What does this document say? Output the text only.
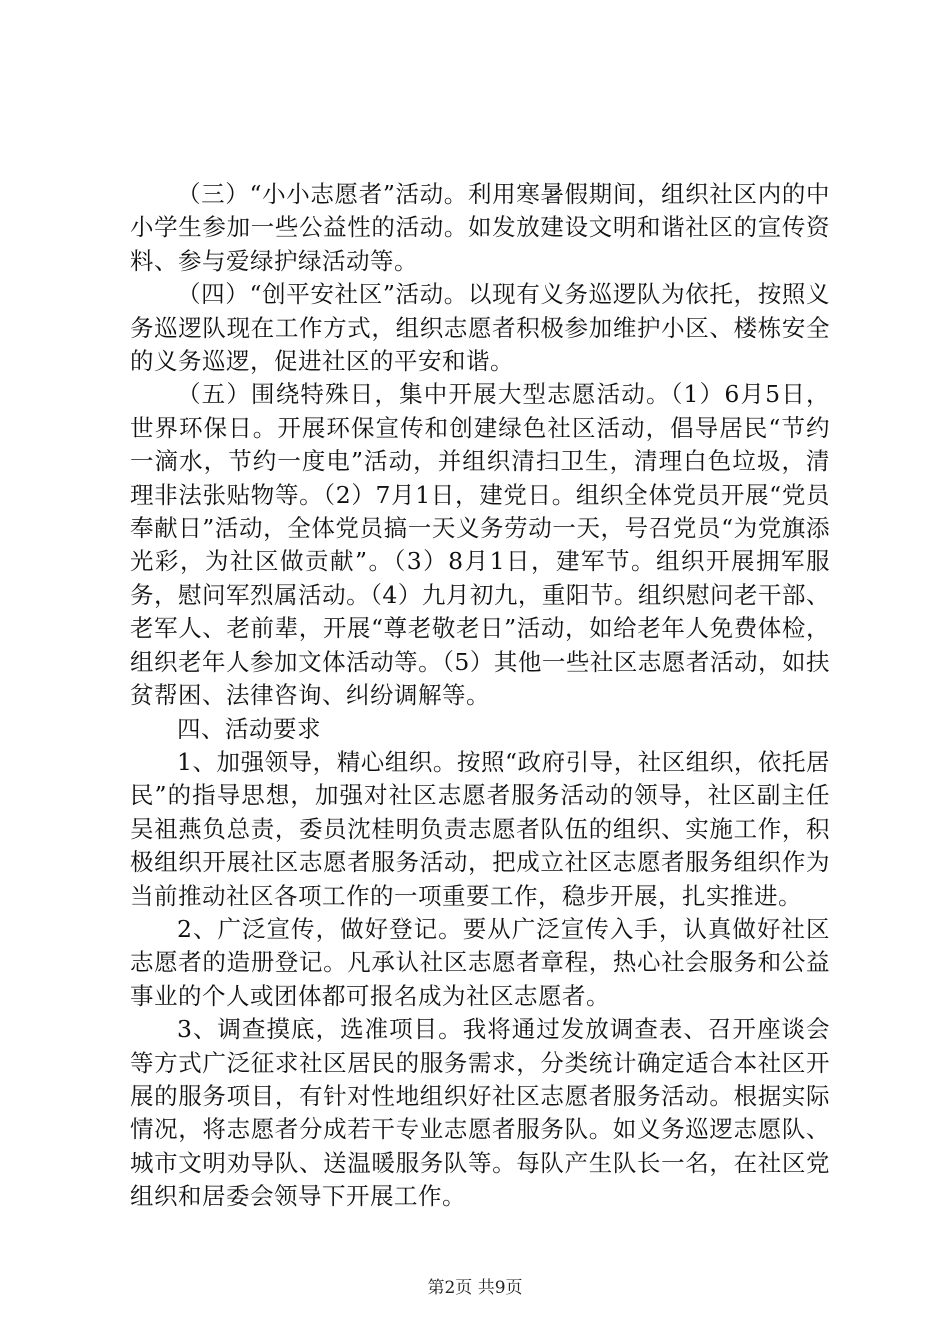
（三）“小小志愿者”活动。利用寒暑假期间，组织社区内的中小学生参加一些公益性的活动。如发放建设文明和谐社区的宣传资料、参与爱绿护绿活动等。

（四）“创平安社区”活动。以现有义务巡逻队为依托，按照义务巡逻队现在工作方式，组织志愿者积极参加维护小区、楼栋安全的义务巡逻，促进社区的平安和谐。

（五）围绕特殊日，集中开展大型志愿活动。（1）6月5日，世界环保日。开展环保宣传和创建绿色社区活动，倡导居民“节约一滴水，节约一度电”活动，并组织清扫卫生，清理白色垃圾，清理非法张贴物等。（2）7月1日，建党日。组织全体党员开展“党员奉献日”活动，全体党员搞一天义务劳动一天，号召党员“为党旗添光彩，为社区做贡献”。（3）8月1日，建军节。组织开展拥军服务，慰问军烈属活动。（4）九月初九，重阳节。组织慰问老干部、老军人、老前辈，开展“尊老敬老日”活动，如给老年人免费体检，组织老年人参加文体活动等。（5）其他一些社区志愿者活动，如扶贫帮困、法律咨询、纠纷调解等。

四、活动要求

1、加强领导，精心组织。按照“政府引导，社区组织，依托居民”的指导思想，加强对社区志愿者服务活动的领导，社区副主任吴祖燕负总责，委员沈桂明负责志愿者队伍的组织、实施工作，积极组织开展社区志愿者服务活动，把成立社区志愿者服务组织作为当前推动社区各项工作的一项重要工作，稳步开展，扎实推进。

2、广泛宣传，做好登记。要从广泛宣传入手，认真做好社区志愿者的造册登记。凡承认社区志愿者章程，热心社会服务和公益事业的个人或团体都可报名成为社区志愿者。

3、调查摸底，选准项目。我将通过发放调查表、召开座谈会等方式广泛征求社区居民的服务需求，分类统计确定适合本社区开展的服务项目，有针对性地组织好社区志愿者服务活动。根据实际情况，将志愿者分成若干专业志愿者服务队。如义务巡逻志愿队、城市文明劝导队、送温暖服务队等。每队产生队长一名，在社区党组织和居委会领导下开展工作。

第2页 共9页
